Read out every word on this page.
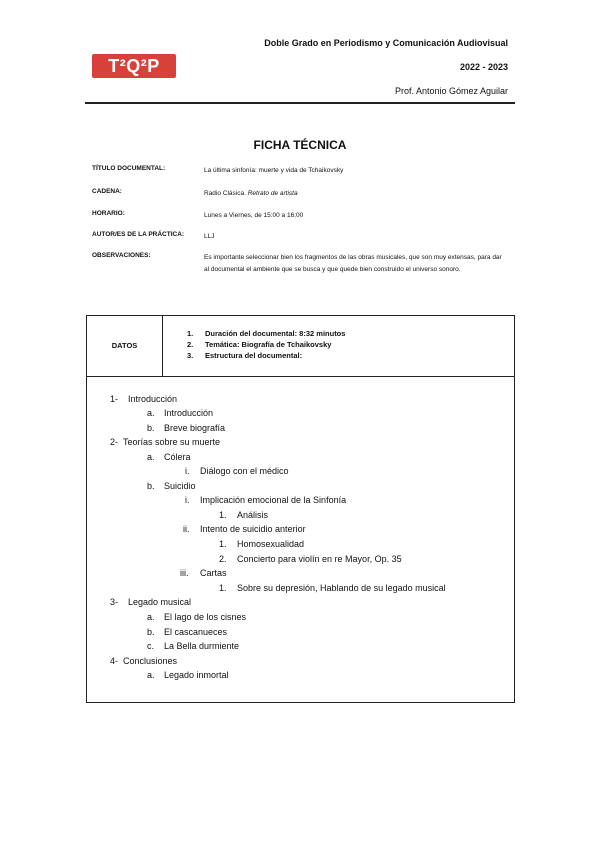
T²Q²P
Doble Grado en Periodismo y Comunicación Audiovisual
2022 - 2023
Prof. Antonio Gómez Aguilar
FICHA TÉCNICA
TÍTULO DOCUMENTAL:	La última sinfonía: muerte y vida de Tchaikovsky
CADENA:	Radio Clásica. Retrato de artista
HORARIO:	Lunes a Viernes, de 15:00 a 16:00
AUTOR/ES DE LA PRÁCTICA:	LLJ
OBSERVACIONES:	Es importante seleccionar bien los fragmentos de las obras musicales, que son muy extensas, para dar al documental el ambiente que se busca y que quede bien construido el universo sonoro.
DATOS
1. Duración del documental: 8:32 minutos
2. Temática: Biografía de Tchaikovsky
3. Estructura del documental:
1- Introducción
a. Introducción
b. Breve biografía
2- Teorías sobre su muerte
a. Cólera
i. Diálogo con el médico
b. Suicidio
i. Implicación emocional de la Sinfonía
1. Análisis
ii. Intento de suicidio anterior
1. Homosexualidad
2. Concierto para violín en re Mayor, Op. 35
iii. Cartas
1. Sobre su depresión, Hablando de su legado musical
3- Legado musical
a. El lago de los cisnes
b. El cascanueces
c. La Bella durmiente
4- Conclusiones
a. Legado inmortal
